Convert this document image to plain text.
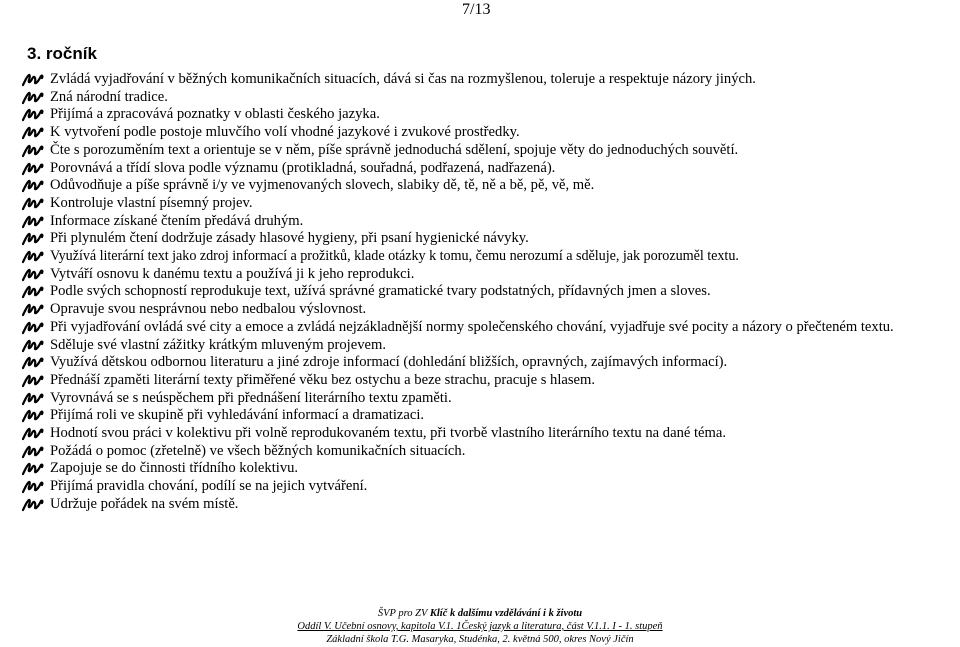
7/13
3. ročník
Zvládá vyjadřování v běžných komunikačních situacích, dává si čas na rozmyšlenou, toleruje a respektuje názory jiných.
Zná národní tradice.
Přijímá a zpracovává poznatky v oblasti českého jazyka.
K vytvoření podle postoje mluvčího volí vhodné jazykové i zvukové prostředky.
Čte s porozuměním text a orientuje se v něm, píše správně jednoduchá sdělení, spojuje věty do jednoduchých souvětí.
Porovnává a třídí slova podle významu (protikladná, souřadná, podřazená, nadřazená).
Odůvodňuje a píše správně i/y ve vyjmenovaných slovech, slabiky dě, tě, ně a bě, pě, vě, mě.
Kontroluje vlastní písemný projev.
Informace získané čtením předává druhým.
Při plynulém čtení dodržuje zásady hlasové hygieny, při psaní hygienické návyky.
Využívá literární text jako zdroj informací a prožitků, klade otázky k tomu, čemu nerozumí a sděluje, jak porozuměl textu.
Vytváří osnovu k danému textu a používá ji k jeho reprodukci.
Podle svých schopností reprodukuje text, užívá správné gramatické tvary podstatných, přídavných jmen a sloves.
Opravuje svou nesprávnou nebo nedbalou výslovnost.
Při vyjadřování ovládá své city a emoce a zvládá nejzákladnější normy společenského chování, vyjadřuje své pocity a názory o přečteném textu.
Sděluje své vlastní zážitky krátkým mluveným projevem.
Využívá dětskou odbornou literaturu a jiné zdroje informací (dohledání bližších, opravných, zajímavých informací).
Přednáší zpaměti literární texty přiměřené věku bez ostychu a beze strachu, pracuje s hlasem.
Vyrovnává se s neúspěchem při přednášení literárního textu zpaměti.
Přijímá roli ve skupině při vyhledávání informací a dramatizaci.
Hodnotí svou práci v kolektivu při volně reprodukovaném textu, při tvorbě vlastního literárního textu na dané téma.
Požádá o pomoc (zřetelně) ve všech běžných komunikačních situacích.
Zapojuje se do činnosti třídního kolektivu.
Přijímá pravidla chování, podílí se na jejich vytváření.
Udržuje pořádek na svém místě.
ŠVP pro ZV Klíč k dalšímu vzdělávání i k životu
Oddíl V. Učební osnovy, kapitola V.1. 1Český jazyk a literatura, část V.1.1. I - 1. stupeň
Základní škola T.G. Masaryka, Studénka, 2. květná 500, okres Nový Jičín
